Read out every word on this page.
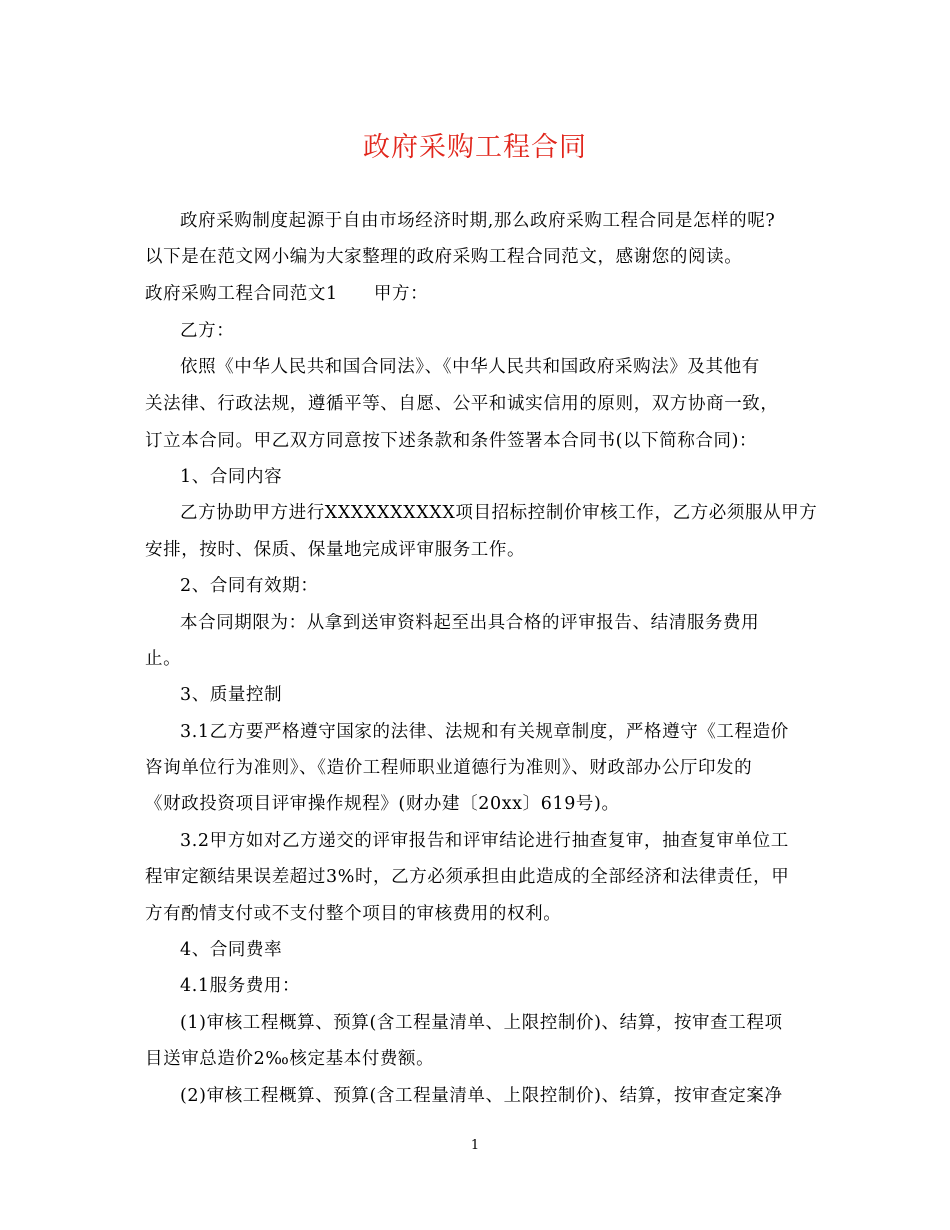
政府采购工程合同
政府采购制度起源于自由市场经济时期,那么政府采购工程合同是怎样的呢?
以下是在范文网小编为大家整理的政府采购工程合同范文，感谢您的阅读。
政府采购工程合同范文1　　甲方：
乙方：
依照《中华人民共和国合同法》、《中华人民共和国政府采购法》及其他有
关法律、行政法规，遵循平等、自愿、公平和诚实信用的原则，双方协商一致，
订立本合同。甲乙双方同意按下述条款和条件签署本合同书(以下简称合同)：
1、合同内容
乙方协助甲方进行XXXXXXXXXX项目招标控制价审核工作，乙方必须服从甲方
安排，按时、保质、保量地完成评审服务工作。
2、合同有效期：
本合同期限为：从拿到送审资料起至出具合格的评审报告、结清服务费用
止。
3、质量控制
3.1乙方要严格遵守国家的法律、法规和有关规章制度，严格遵守《工程造价
咨询单位行为准则》、《造价工程师职业道德行为准则》、财政部办公厅印发的
《财政投资项目评审操作规程》(财办建〔20xx〕619号)。
3.2甲方如对乙方递交的评审报告和评审结论进行抽查复审，抽查复审单位工
程审定额结果误差超过3%时，乙方必须承担由此造成的全部经济和法律责任，甲
方有酌情支付或不支付整个项目的审核费用的权利。
4、合同费率
4.1服务费用：
(1)审核工程概算、预算(含工程量清单、上限控制价)、结算，按审查工程项
目送审总造价2‰核定基本付费额。
(2)审核工程概算、预算(含工程量清单、上限控制价)、结算，按审查定案净
1
